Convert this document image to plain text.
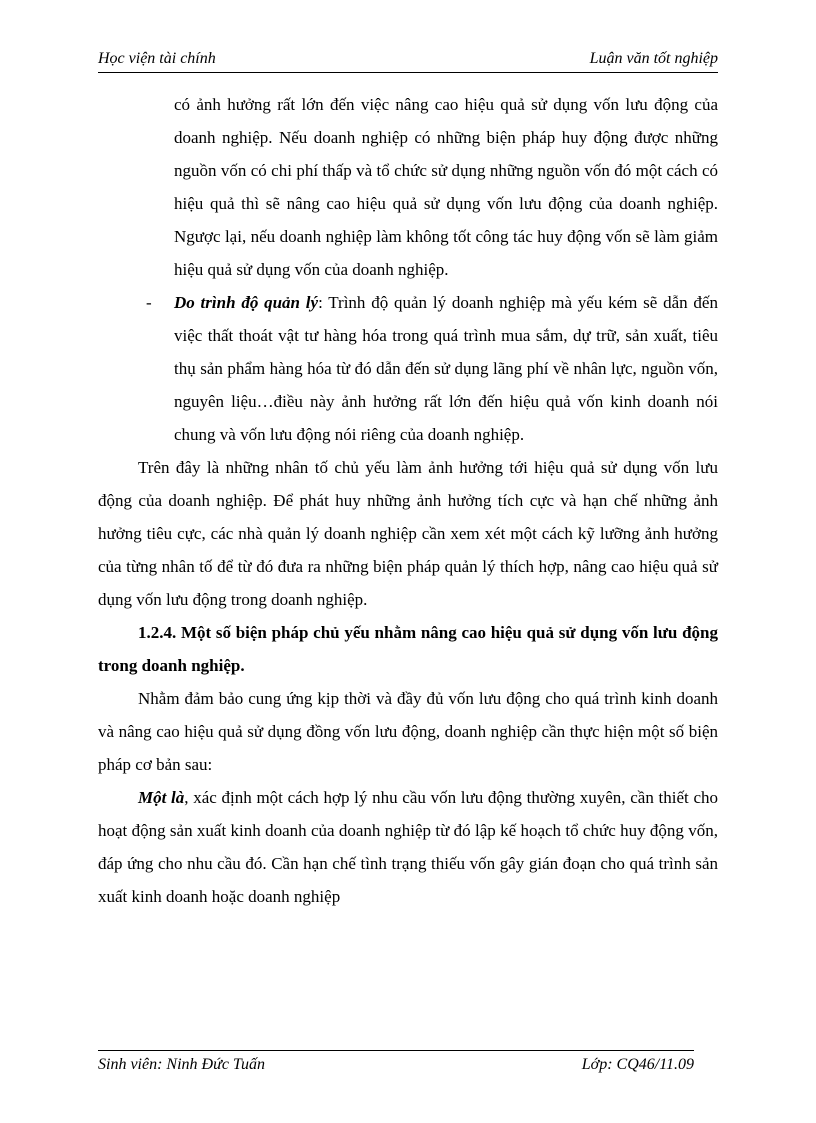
Học viện tài chính	Luận văn tốt nghiệp

có ảnh hưởng rất lớn đến việc nâng cao hiệu quả sử dụng vốn lưu động của doanh nghiệp. Nếu doanh nghiệp có những biện pháp huy động được những nguồn vốn có chi phí thấp và tổ chức sử dụng những nguồn vốn đó một cách có hiệu quả thì sẽ nâng cao hiệu quả sử dụng vốn lưu động của doanh nghiệp. Ngược lại, nếu doanh nghiệp làm không tốt công tác huy động vốn sẽ làm giảm hiệu quả sử dụng vốn của doanh nghiệp.

- Do trình độ quản lý: Trình độ quản lý doanh nghiệp mà yếu kém sẽ dẫn đến việc thất thoát vật tư hàng hóa trong quá trình mua sắm, dự trữ, sản xuất, tiêu thụ sản phẩm hàng hóa từ đó dẫn đến sử dụng lãng phí về nhân lực, nguồn vốn, nguyên liệu…điều này ảnh hưởng rất lớn đến hiệu quả vốn kinh doanh nói chung và vốn lưu động nói riêng của doanh nghiệp.

Trên đây là những nhân tố chủ yếu làm ảnh hưởng tới hiệu quả sử dụng vốn lưu động của doanh nghiệp. Để phát huy những ảnh hưởng tích cực và hạn chế những ảnh hưởng tiêu cực, các nhà quản lý doanh nghiệp cần xem xét một cách kỹ lưỡng ảnh hưởng của từng nhân tố để từ đó đưa ra những biện pháp quản lý thích hợp, nâng cao hiệu quả sử dụng vốn lưu động trong doanh nghiệp.

1.2.4. Một số biện pháp chủ yếu nhằm nâng cao hiệu quả sử dụng vốn lưu động trong doanh nghiệp.

Nhằm đảm bảo cung ứng kịp thời và đầy đủ vốn lưu động cho quá trình kinh doanh và nâng cao hiệu quả sử dụng đồng vốn lưu động, doanh nghiệp cần thực hiện một số biện pháp cơ bản sau:

Một là, xác định một cách hợp lý nhu cầu vốn lưu động thường xuyên, cần thiết cho hoạt động sản xuất kinh doanh của doanh nghiệp từ đó lập kế hoạch tổ chức huy động vốn, đáp ứng cho nhu cầu đó. Cần hạn chế tình trạng thiếu vốn gây gián đoạn cho quá trình sản xuất kinh doanh hoặc doanh nghiệp

Sinh viên: Ninh Đức Tuấn	Lớp: CQ46/11.09
